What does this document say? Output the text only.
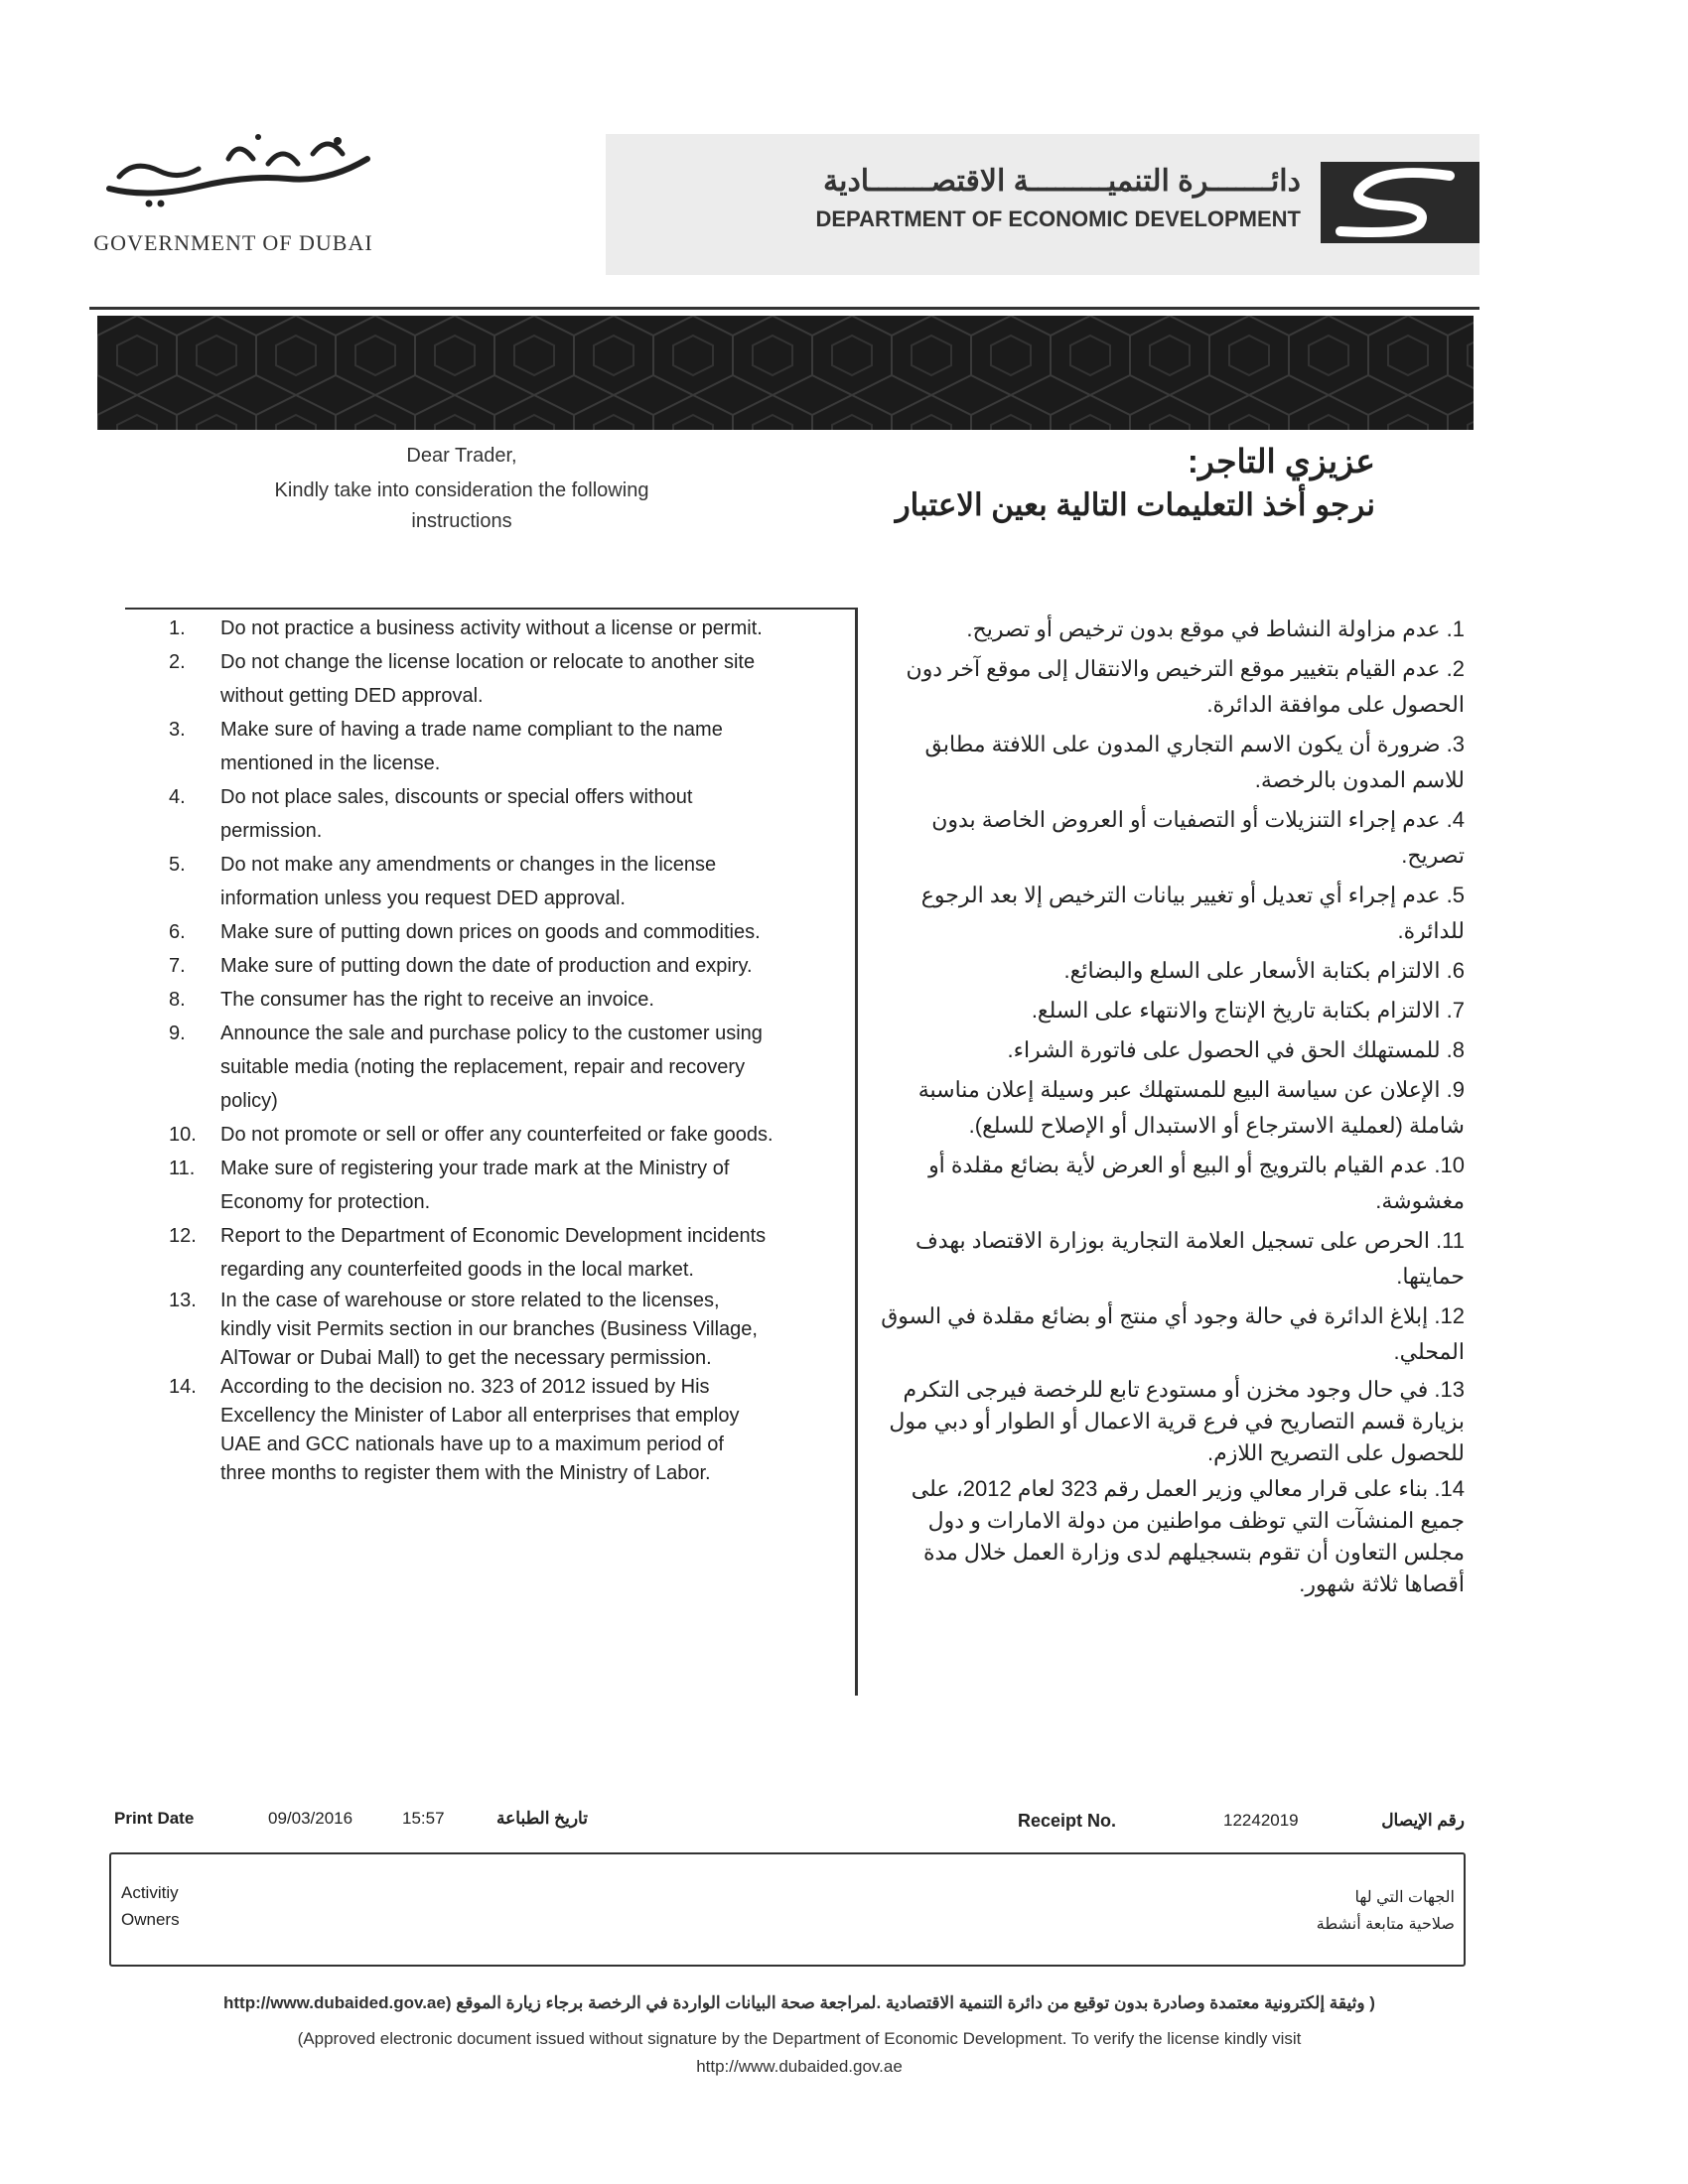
GOVERNMENT OF DUBAI
دائـــــــرة التنميـــــــــة الاقتصـــــــادية
DEPARTMENT OF ECONOMIC DEVELOPMENT
Dear Trader,
Kindly take into consideration the following
instructions
عزيزي التاجر:
نرجو أخذ التعليمات التالية بعين الاعتبار
1.	Do not practice a business activity without a license or permit.
2.	Do not change the license location or relocate to another site without getting DED approval.
3.	Make sure of having a trade name compliant to the name mentioned in the license.
4.	Do not place sales, discounts or special offers without permission.
5.	Do not make any amendments or changes in the license information unless you request DED approval.
6.	Make sure of putting down prices on goods and commodities.
7.	Make sure of putting down the date of production and expiry.
8.	The consumer has the right to receive an invoice.
9.	Announce the sale and purchase policy to the customer using suitable media (noting the replacement, repair and recovery policy)
10.	Do not promote or sell or offer any counterfeited or fake goods.
11.	Make sure of registering your trade mark at the Ministry of Economy for protection.
12.	Report to the Department of Economic Development incidents regarding any counterfeited goods in the local market.
13.	In the case of warehouse or store related to the licenses, kindly visit Permits section in our branches (Business Village, AlTowar or Dubai Mall) to get the necessary permission.
14.	According to the decision no. 323 of 2012 issued by His Excellency the Minister of Labor all enterprises that employ UAE and GCC nationals have up to a maximum period of three months to register them with the Ministry of Labor.
1. عدم مزاولة النشاط في موقع بدون ترخيص أو تصريح.
2. عدم القيام بتغيير موقع الترخيص والانتقال إلى موقع آخر دون الحصول على موافقة الدائرة.
3. ضرورة أن يكون الاسم التجاري المدون على اللافتة مطابق للاسم المدون بالرخصة.
4. عدم إجراء التنزيلات أو التصفيات أو العروض الخاصة بدون تصريح.
5. عدم إجراء أي تعديل أو تغيير بيانات الترخيص إلا بعد الرجوع للدائرة.
6. الالتزام بكتابة الأسعار على السلع والبضائع.
7. الالتزام بكتابة تاريخ الإنتاج والانتهاء على السلع.
8. للمستهلك الحق في الحصول على فاتورة الشراء.
9. الإعلان عن سياسة البيع للمستهلك عبر وسيلة إعلان مناسبة شاملة (لعملية الاسترجاع أو الاستبدال أو الإصلاح للسلع).
10. عدم القيام بالترويج أو البيع أو العرض لأية بضائع مقلدة أو مغشوشة.
11. الحرص على تسجيل العلامة التجارية بوزارة الاقتصاد بهدف حمايتها.
12. إبلاغ الدائرة في حالة وجود أي منتج أو بضائع مقلدة في السوق المحلي.
13. في حال وجود مخزن أو مستودع تابع للرخصة فيرجى التكرم بزيارة قسم التصاريح في فرع قرية الاعمال أو الطوار أو دبي مول للحصول على التصريح اللازم.
14. بناء على قرار معالي وزير العمل رقم 323 لعام 2012، على جميع المنشآت التي توظف مواطنين من دولة الامارات و دول مجلس التعاون أن تقوم بتسجيلهم لدى وزارة العمل خلال مدة أقصاها ثلاثة شهور.
Print Date	09/03/2016	15:57	تاريخ الطباعة	Receipt No.	12242019	رقم الإيصال
Activitiy
Owners
الجهات التي لها
صلاحية متابعة أنشطة
( وثيقة إلكترونية معتمدة وصادرة بدون توقيع من دائرة التنمية الاقتصادية .لمراجعة صحة البيانات الواردة في الرخصة برجاء زيارة الموقع (http://www.dubaided.gov.ae
(Approved electronic document issued without signature by the Department of Economic Development. To verify the license kindly visit
http://www.dubaided.gov.ae
